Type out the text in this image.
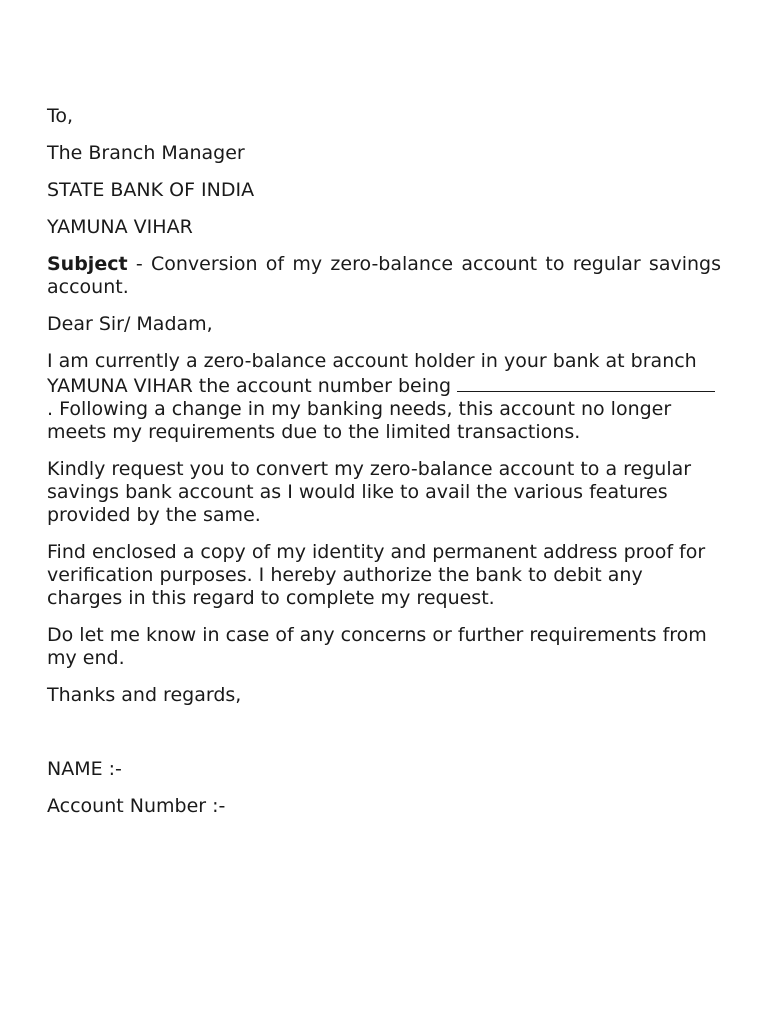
To,
The Branch Manager
STATE BANK OF INDIA
YAMUNA VIHAR
Subject - Conversion of my zero-balance account to regular savings account.
Dear Sir/ Madam,
I am currently a zero-balance account holder in your bank at branch YAMUNA VIHAR the account number being  . Following a change in my banking needs, this account no longer meets my requirements due to the limited transactions.
Kindly request you to convert my zero-balance account to a regular savings bank account as I would like to avail the various features provided by the same.
Find enclosed a copy of my identity and permanent address proof for verification purposes. I hereby authorize the bank to debit any charges in this regard to complete my request.
Do let me know in case of any concerns or further requirements from my end.
Thanks and regards,
NAME :-
Account Number :-
